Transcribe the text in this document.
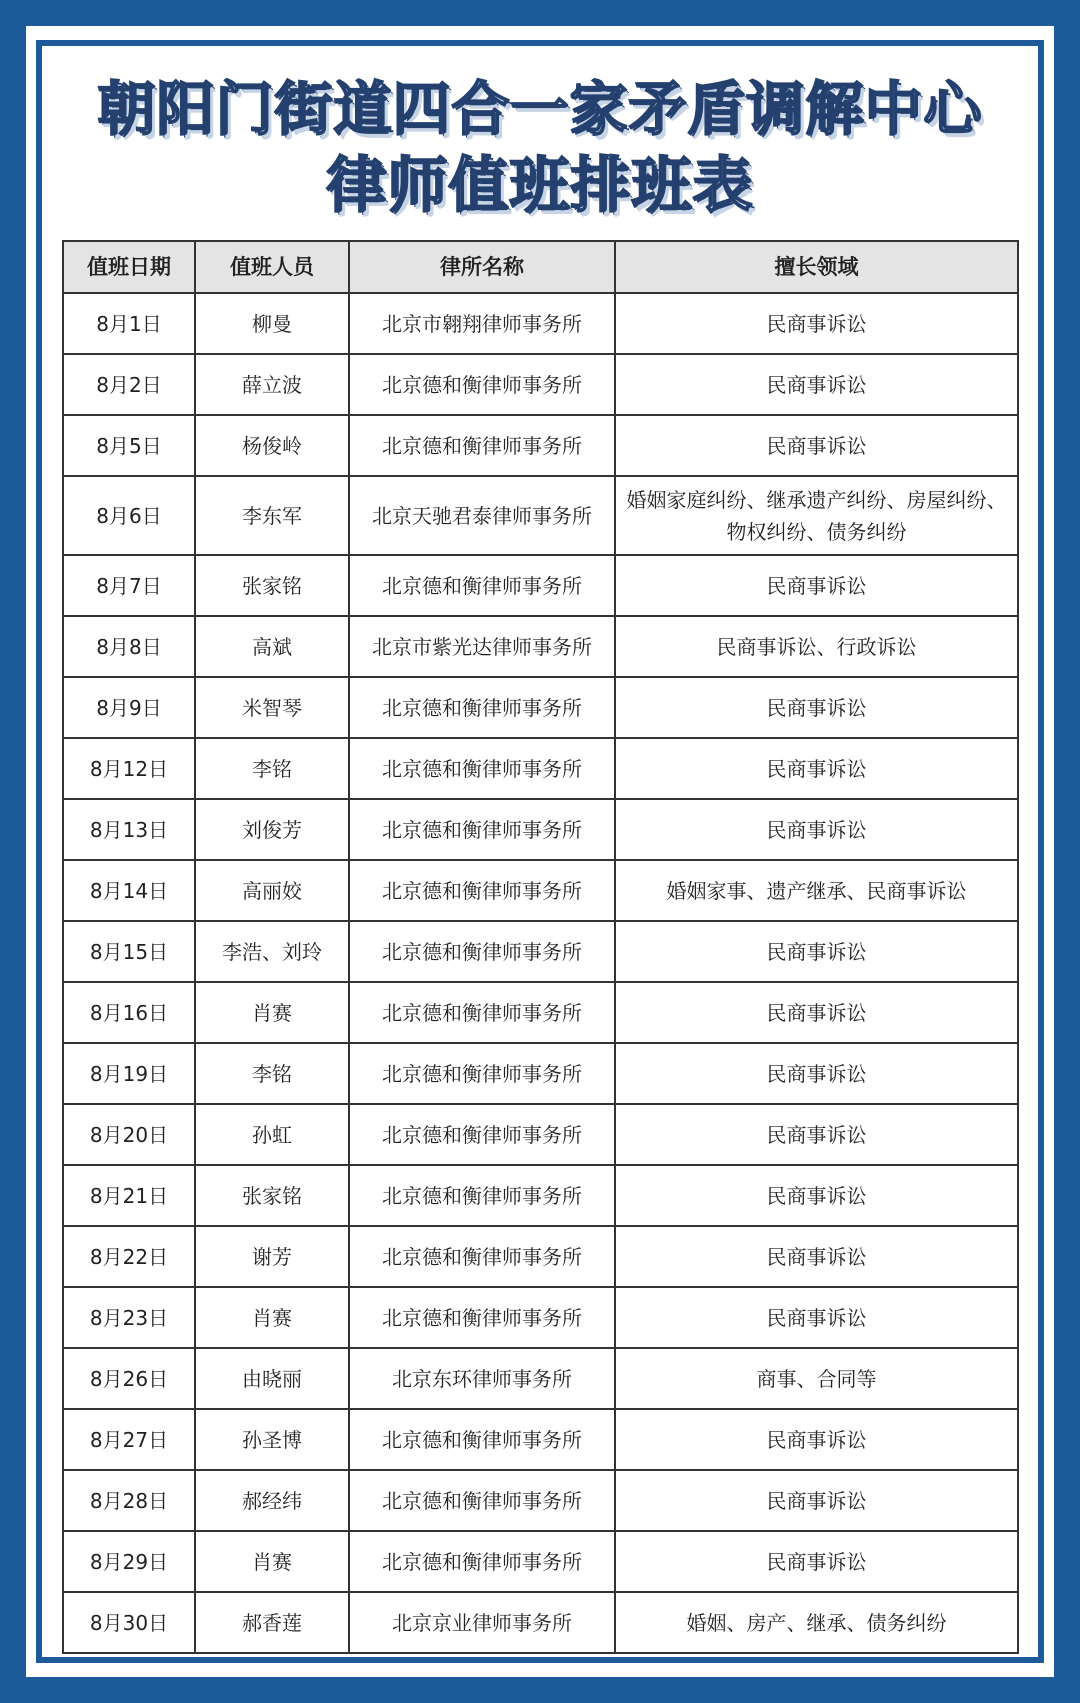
朝阳门街道四合一家矛盾调解中心
律师值班排班表
值班日期	值班人员	律所名称	擅长领域
8月1日	柳曼	北京市翱翔律师事务所	民商事诉讼
8月2日	薛立波	北京德和衡律师事务所	民商事诉讼
8月5日	杨俊岭	北京德和衡律师事务所	民商事诉讼
8月6日	李东军	北京天驰君泰律师事务所	婚姻家庭纠纷、继承遗产纠纷、房屋纠纷、物权纠纷、债务纠纷
8月7日	张家铭	北京德和衡律师事务所	民商事诉讼
8月8日	高斌	北京市紫光达律师事务所	民商事诉讼、行政诉讼
8月9日	米智琴	北京德和衡律师事务所	民商事诉讼
8月12日	李铭	北京德和衡律师事务所	民商事诉讼
8月13日	刘俊芳	北京德和衡律师事务所	民商事诉讼
8月14日	高丽姣	北京德和衡律师事务所	婚姻家事、遗产继承、民商事诉讼
8月15日	李浩、刘玲	北京德和衡律师事务所	民商事诉讼
8月16日	肖赛	北京德和衡律师事务所	民商事诉讼
8月19日	李铭	北京德和衡律师事务所	民商事诉讼
8月20日	孙虹	北京德和衡律师事务所	民商事诉讼
8月21日	张家铭	北京德和衡律师事务所	民商事诉讼
8月22日	谢芳	北京德和衡律师事务所	民商事诉讼
8月23日	肖赛	北京德和衡律师事务所	民商事诉讼
8月26日	由晓丽	北京东环律师事务所	商事、合同等
8月27日	孙圣博	北京德和衡律师事务所	民商事诉讼
8月28日	郝经纬	北京德和衡律师事务所	民商事诉讼
8月29日	肖赛	北京德和衡律师事务所	民商事诉讼
8月30日	郝香莲	北京京业律师事务所	婚姻、房产、继承、债务纠纷
